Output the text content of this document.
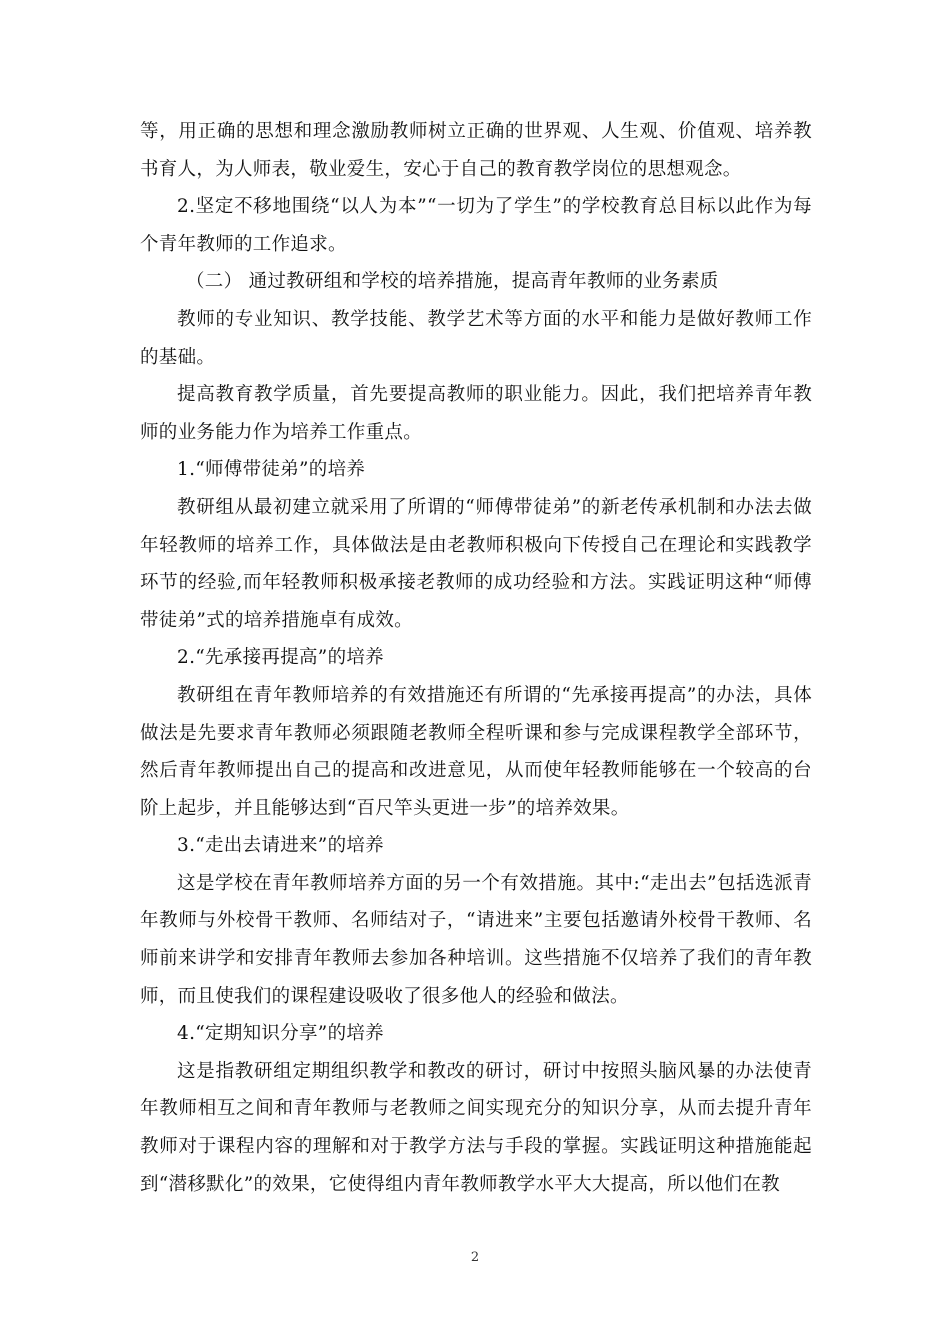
等，用正确的思想和理念激励教师树立正确的世界观、人生观、价值观、培养教书育人，为人师表，敬业爱生，安心于自己的教育教学岗位的思想观念。

2.坚定不移地围绕“以人为本”“一切为了学生”的学校教育总目标以此作为每个青年教师的工作追求。

（二） 通过教研组和学校的培养措施，提高青年教师的业务素质

教师的专业知识、教学技能、教学艺术等方面的水平和能力是做好教师工作的基础。

提高教育教学质量，首先要提高教师的职业能力。因此，我们把培养青年教师的业务能力作为培养工作重点。

1.“师傅带徒弟”的培养

教研组从最初建立就采用了所谓的“师傅带徒弟”的新老传承机制和办法去做年轻教师的培养工作，具体做法是由老教师积极向下传授自己在理论和实践教学环节的经验,而年轻教师积极承接老教师的成功经验和方法。实践证明这种“师傅带徒弟”式的培养措施卓有成效。

2.“先承接再提高”的培养

教研组在青年教师培养的有效措施还有所谓的“先承接再提高”的办法，具体做法是先要求青年教师必须跟随老教师全程听课和参与完成课程教学全部环节，然后青年教师提出自己的提高和改进意见，从而使年轻教师能够在一个较高的台阶上起步，并且能够达到“百尺竿头更进一步”的培养效果。

3.“走出去请进来”的培养

这是学校在青年教师培养方面的另一个有效措施。其中:“走出去”包括选派青年教师与外校骨干教师、名师结对子，“请进来”主要包括邀请外校骨干教师、名师前来讲学和安排青年教师去参加各种培训。这些措施不仅培养了我们的青年教师，而且使我们的课程建设吸收了很多他人的经验和做法。

4.“定期知识分享”的培养

这是指教研组定期组织教学和教改的研讨，研讨中按照头脑风暴的办法使青年教师相互之间和青年教师与老教师之间实现充分的知识分享，从而去提升青年教师对于课程内容的理解和对于教学方法与手段的掌握。实践证明这种措施能起到“潜移默化”的效果，它使得组内青年教师教学水平大大提高，所以他们在教

2
